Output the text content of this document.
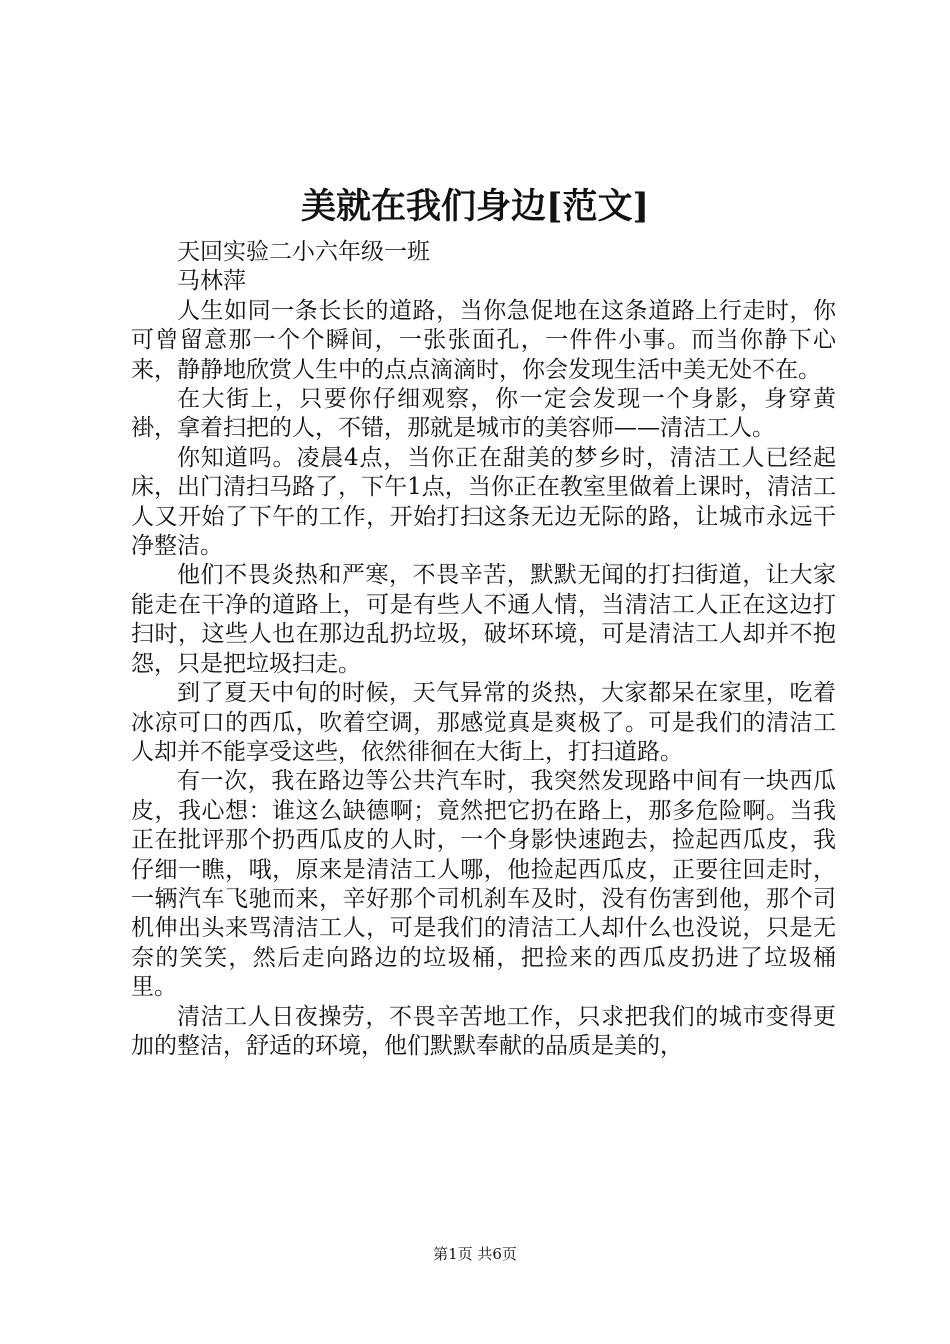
美就在我们身边[范文]

天回实验二小六年级一班

马林萍

人生如同一条长长的道路，当你急促地在这条道路上行走时，你可曾留意那一个个瞬间，一张张面孔，一件件小事。而当你静下心来，静静地欣赏人生中的点点滴滴时，你会发现生活中美无处不在。

在大街上，只要你仔细观察，你一定会发现一个身影，身穿黄褂，拿着扫把的人，不错，那就是城市的美容师——清洁工人。

你知道吗。凌晨4点，当你正在甜美的梦乡时，清洁工人已经起床，出门清扫马路了，下午1点，当你正在教室里做着上课时，清洁工人又开始了下午的工作，开始打扫这条无边无际的路，让城市永远干净整洁。

他们不畏炎热和严寒，不畏辛苦，默默无闻的打扫街道，让大家能走在干净的道路上，可是有些人不通人情，当清洁工人正在这边打扫时，这些人也在那边乱扔垃圾，破坏环境，可是清洁工人却并不抱怨，只是把垃圾扫走。

到了夏天中旬的时候，天气异常的炎热，大家都呆在家里，吃着冰凉可口的西瓜，吹着空调，那感觉真是爽极了。可是我们的清洁工人却并不能享受这些，依然徘徊在大街上，打扫道路。

有一次，我在路边等公共汽车时，我突然发现路中间有一块西瓜皮，我心想：谁这么缺德啊；竟然把它扔在路上，那多危险啊。当我正在批评那个扔西瓜皮的人时，一个身影快速跑去，捡起西瓜皮，我仔细一瞧，哦，原来是清洁工人哪，他捡起西瓜皮，正要往回走时，一辆汽车飞驰而来，辛好那个司机刹车及时，没有伤害到他，那个司机伸出头来骂清洁工人，可是我们的清洁工人却什么也没说，只是无奈的笑笑，然后走向路边的垃圾桶，把捡来的西瓜皮扔进了垃圾桶里。

清洁工人日夜操劳，不畏辛苦地工作，只求把我们的城市变得更加的整洁，舒适的环境，他们默默奉献的品质是美的，

第1页 共6页
